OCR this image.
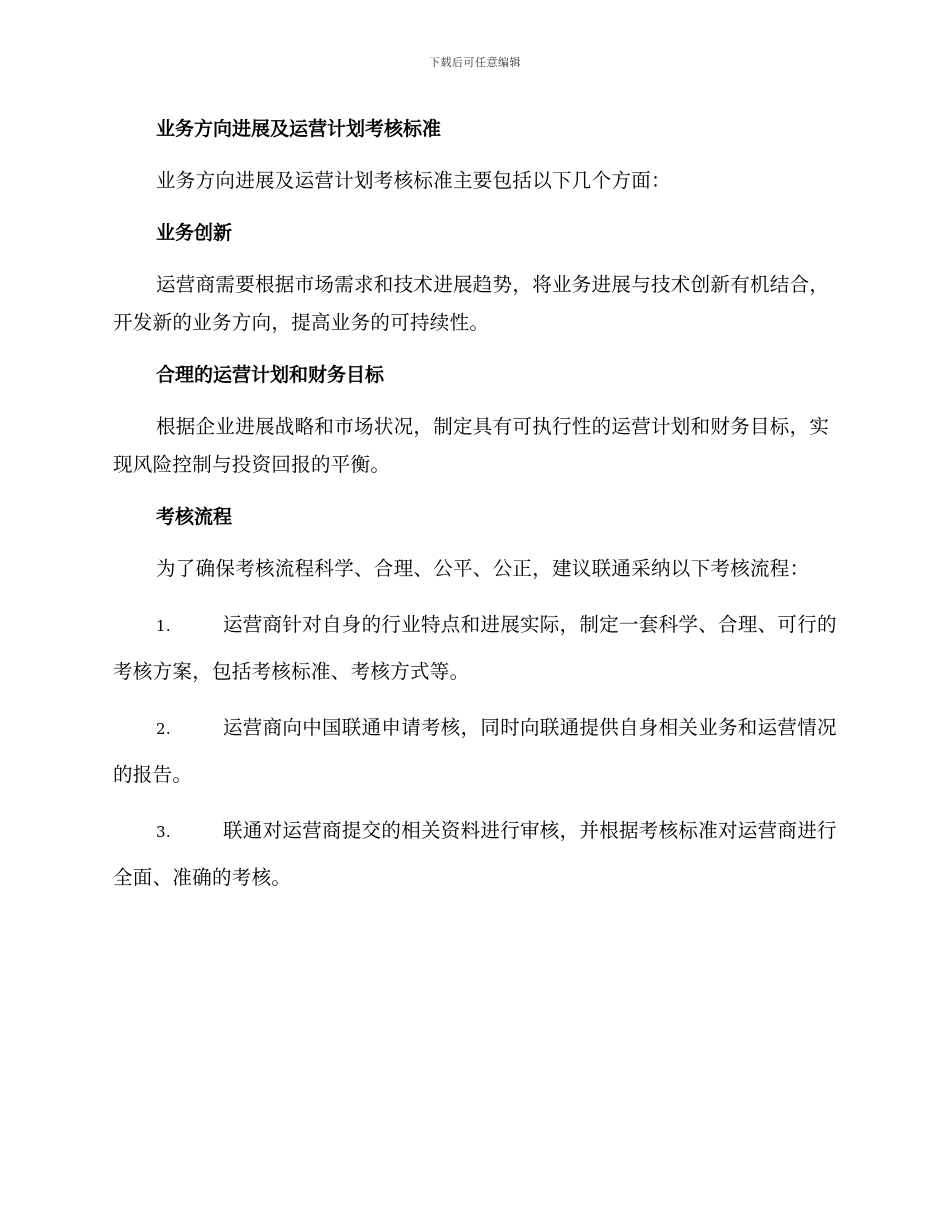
下载后可任意编辑
业务方向进展及运营计划考核标准
业务方向进展及运营计划考核标准主要包括以下几个方面：
业务创新
运营商需要根据市场需求和技术进展趋势，将业务进展与技术创新有机结合，开发新的业务方向，提高业务的可持续性。
合理的运营计划和财务目标
根据企业进展战略和市场状况，制定具有可执行性的运营计划和财务目标，实现风险控制与投资回报的平衡。
考核流程
为了确保考核流程科学、合理、公平、公正，建议联通采纳以下考核流程：
1.	运营商针对自身的行业特点和进展实际，制定一套科学、合理、可行的考核方案，包括考核标准、考核方式等。
2.	运营商向中国联通申请考核，同时向联通提供自身相关业务和运营情况的报告。
3.	联通对运营商提交的相关资料进行审核，并根据考核标准对运营商进行全面、准确的考核。
